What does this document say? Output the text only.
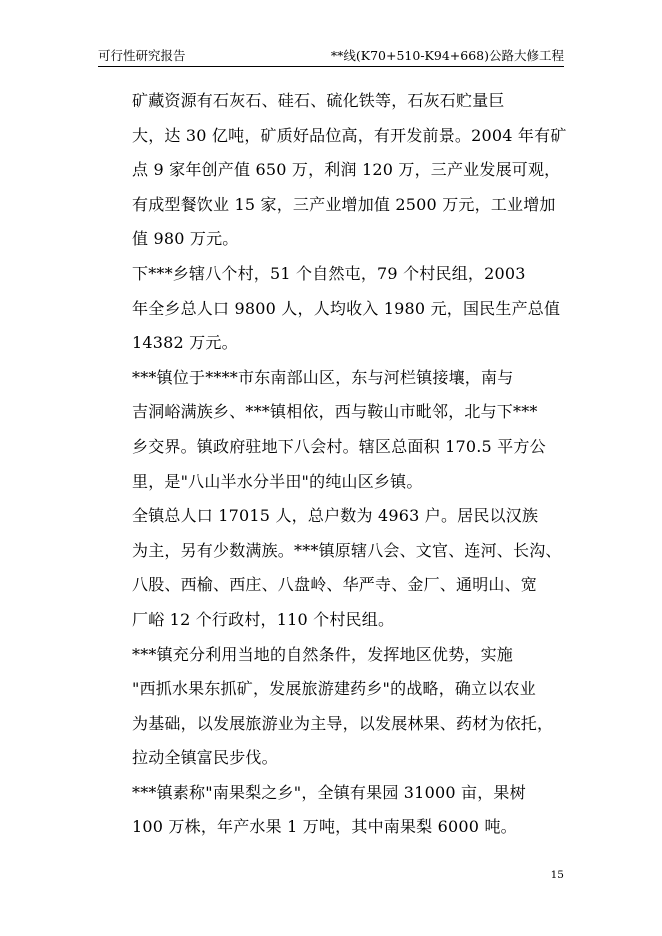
可行性研究报告	**线(K70+510-K94+668)公路大修工程

矿藏资源有石灰石、硅石、硫化铁等，石灰石贮量巨
大，达 30 亿吨，矿质好品位高，有开发前景。2004 年有矿
点 9 家年创产值 650 万，利润 120 万，三产业发展可观，
有成型餐饮业 15 家，三产业增加值 2500 万元，工业增加
值 980 万元。

下***乡辖八个村，51 个自然屯，79 个村民组，2003
年全乡总人口 9800 人，人均收入 1980 元，国民生产总值
14382 万元。

***镇位于****市东南部山区，东与河栏镇接壤，南与
吉洞峪满族乡、***镇相依，西与鞍山市毗邻，北与下***
乡交界。镇政府驻地下八会村。辖区总面积 170.5 平方公
里，是"八山半水分半田"的纯山区乡镇。

全镇总人口 17015 人，总户数为 4963 户。居民以汉族
为主，另有少数满族。***镇原辖八会、文官、连河、长沟、
八股、西榆、西庄、八盘岭、华严寺、金厂、通明山、宽
厂峪 12 个行政村，110 个村民组。

***镇充分利用当地的自然条件，发挥地区优势，实施
"西抓水果东抓矿，发展旅游建药乡"的战略，确立以农业
为基础，以发展旅游业为主导，以发展林果、药材为依托，
拉动全镇富民步伐。

***镇素称"南果梨之乡"，全镇有果园 31000 亩，果树
100 万株，年产水果 1 万吨，其中南果梨 6000 吨。

15
